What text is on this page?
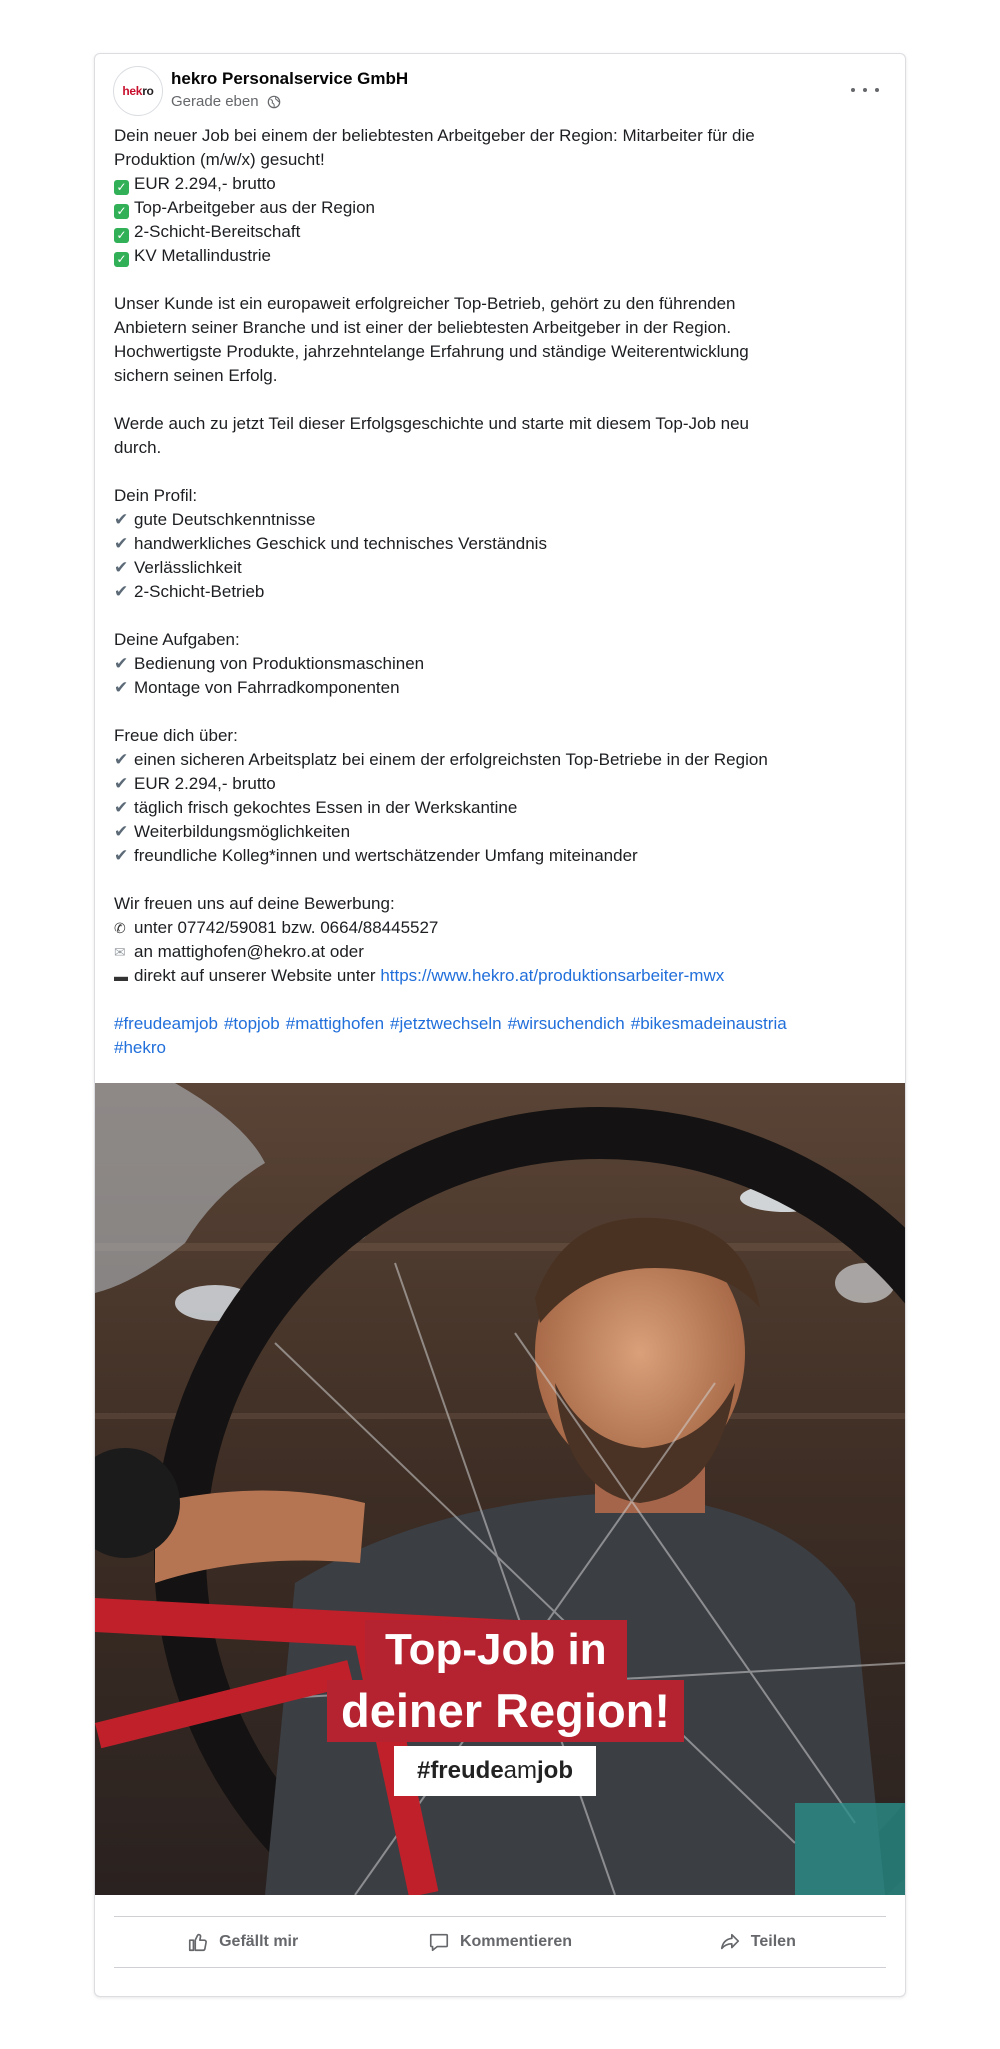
hek ro
hekro Personalservice GmbH
Gerade eben
Dein neuer Job bei einem der beliebtesten Arbeitgeber der Region: Mitarbeiter für die
Produktion (m/w/x) gesucht!
✓ EUR 2.294,- brutto
✓ Top-Arbeitgeber aus der Region
✓ 2-Schicht-Bereitschaft
✓ KV Metallindustrie
Unser Kunde ist ein europaweit erfolgreicher Top-Betrieb, gehört zu den führenden
Anbietern seiner Branche und ist einer der beliebtesten Arbeitgeber in der Region.
Hochwertigste Produkte, jahrzehntelange Erfahrung und ständige Weiterentwicklung
sichern seinen Erfolg.
Werde auch zu jetzt Teil dieser Erfolgsgeschichte und starte mit diesem Top-Job neu
durch.
Dein Profil:
✔ gute Deutschkenntnisse
✔ handwerkliches Geschick und technisches Verständnis
✔ Verlässlichkeit
✔ 2-Schicht-Betrieb
Deine Aufgaben:
✔ Bedienung von Produktionsmaschinen
✔ Montage von Fahrradkomponenten
Freue dich über:
✔ einen sicheren Arbeitsplatz bei einem der erfolgreichsten Top-Betriebe in der Region
✔ EUR 2.294,- brutto
✔ täglich frisch gekochtes Essen in der Werkskantine
✔ Weiterbildungsmöglichkeiten
✔ freundliche Kolleg*innen und wertschätzender Umfang miteinander
Wir freuen uns auf deine Bewerbung:
✆ unter 07742/59081 bzw. 0664/88445527
✉ an mattighofen@hekro.at oder
▬ direkt auf unserer Website unter https://www.hekro.at/produktionsarbeiter-mwx
#freudeamjob #topjob #mattighofen #jetztwechseln #wirsuchendich #bikesmadeinaustria
#hekro
Top-Job in
deiner Region!
#freude am job
Gefällt mir	Kommentieren	Teilen
